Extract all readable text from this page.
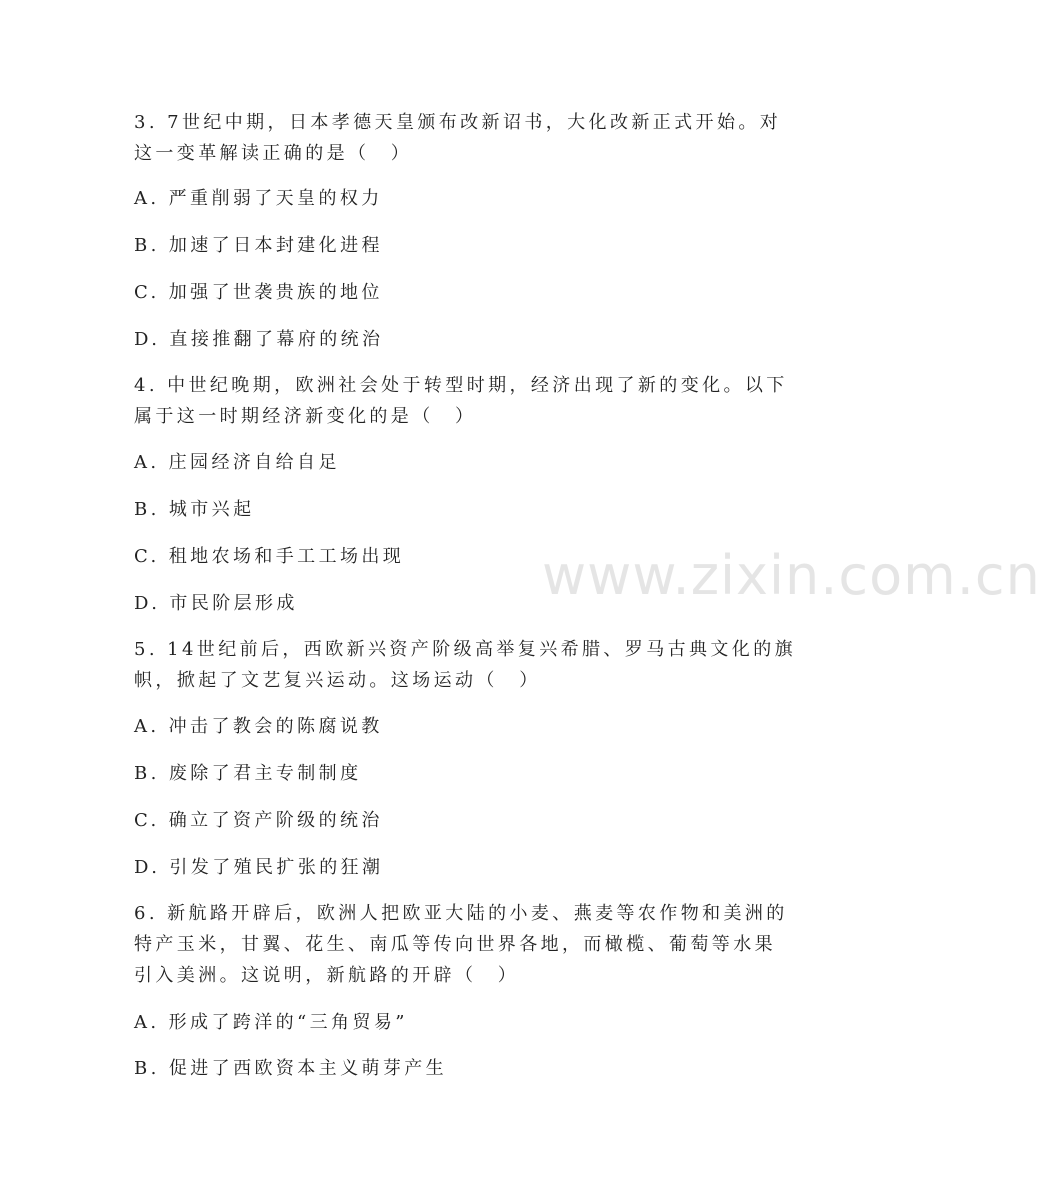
3. 7世纪中期，日本孝德天皇颁布改新诏书，大化改新正式开始。对
这一变革解读正确的是（　）
A. 严重削弱了天皇的权力
B. 加速了日本封建化进程
C. 加强了世袭贵族的地位
D. 直接推翻了幕府的统治
4. 中世纪晚期，欧洲社会处于转型时期，经济出现了新的变化。以下
属于这一时期经济新变化的是（　）
A. 庄园经济自给自足
B. 城市兴起
C. 租地农场和手工工场出现
D. 市民阶层形成
5. 14世纪前后，西欧新兴资产阶级高举复兴希腊、罗马古典文化的旗
帜，掀起了文艺复兴运动。这场运动（　）
A. 冲击了教会的陈腐说教
B. 废除了君主专制制度
C. 确立了资产阶级的统治
D. 引发了殖民扩张的狂潮
6. 新航路开辟后，欧洲人把欧亚大陆的小麦、燕麦等农作物和美洲的
特产玉米，甘翼、花生、南瓜等传向世界各地，而橄榄、葡萄等水果
引入美洲。这说明，新航路的开辟（　）
A. 形成了跨洋的“三角贸易”
B. 促进了西欧资本主义萌芽产生
www.zixin.com.cn
